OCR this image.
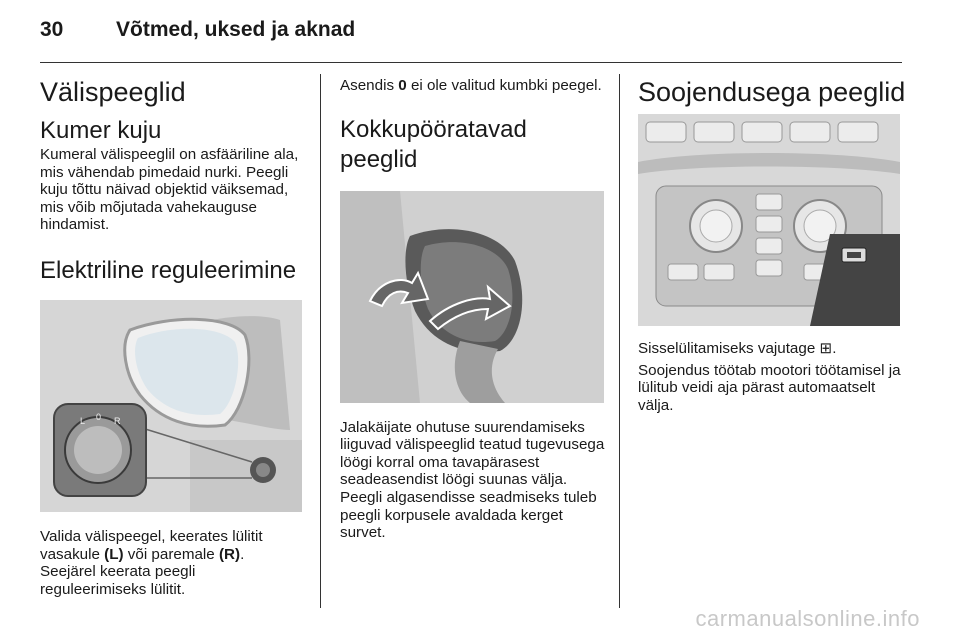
30	Võtmed, uksed ja aknad
Välispeeglid
Kumer kuju

Kumeral välispeeglil on asfääriline ala, mis vähendab pimedaid nurki. Peegli kuju tõttu näivad objektid väiksemad, mis võib mõjutada vahekauguse hindamist.

Elektriline reguleerimine
L 0 R

Valida välispeegel, keerates lülitit vasakule (L) või paremale (R). Seejärel keerata peegli reguleerimiseks lülitit.

Asendis 0 ei ole valitud kumbki peegel.

Kokkupööratavad peeglid

Jalakäijate ohutuse suurendamiseks liiguvad välispeeglid teatud tugevusega löögi korral oma tavapärasest seadeasendist löögi suunas välja. Peegli algasendisse seadmiseks tuleb peegli korpusele avaldada kerget survet.

Soojendusega peeglid

Sisselülitamiseks vajutage ⊞.

Soojendus töötab mootori töötamisel ja lülitub veidi aja pärast automaatselt välja.

carmanualsonline.info
